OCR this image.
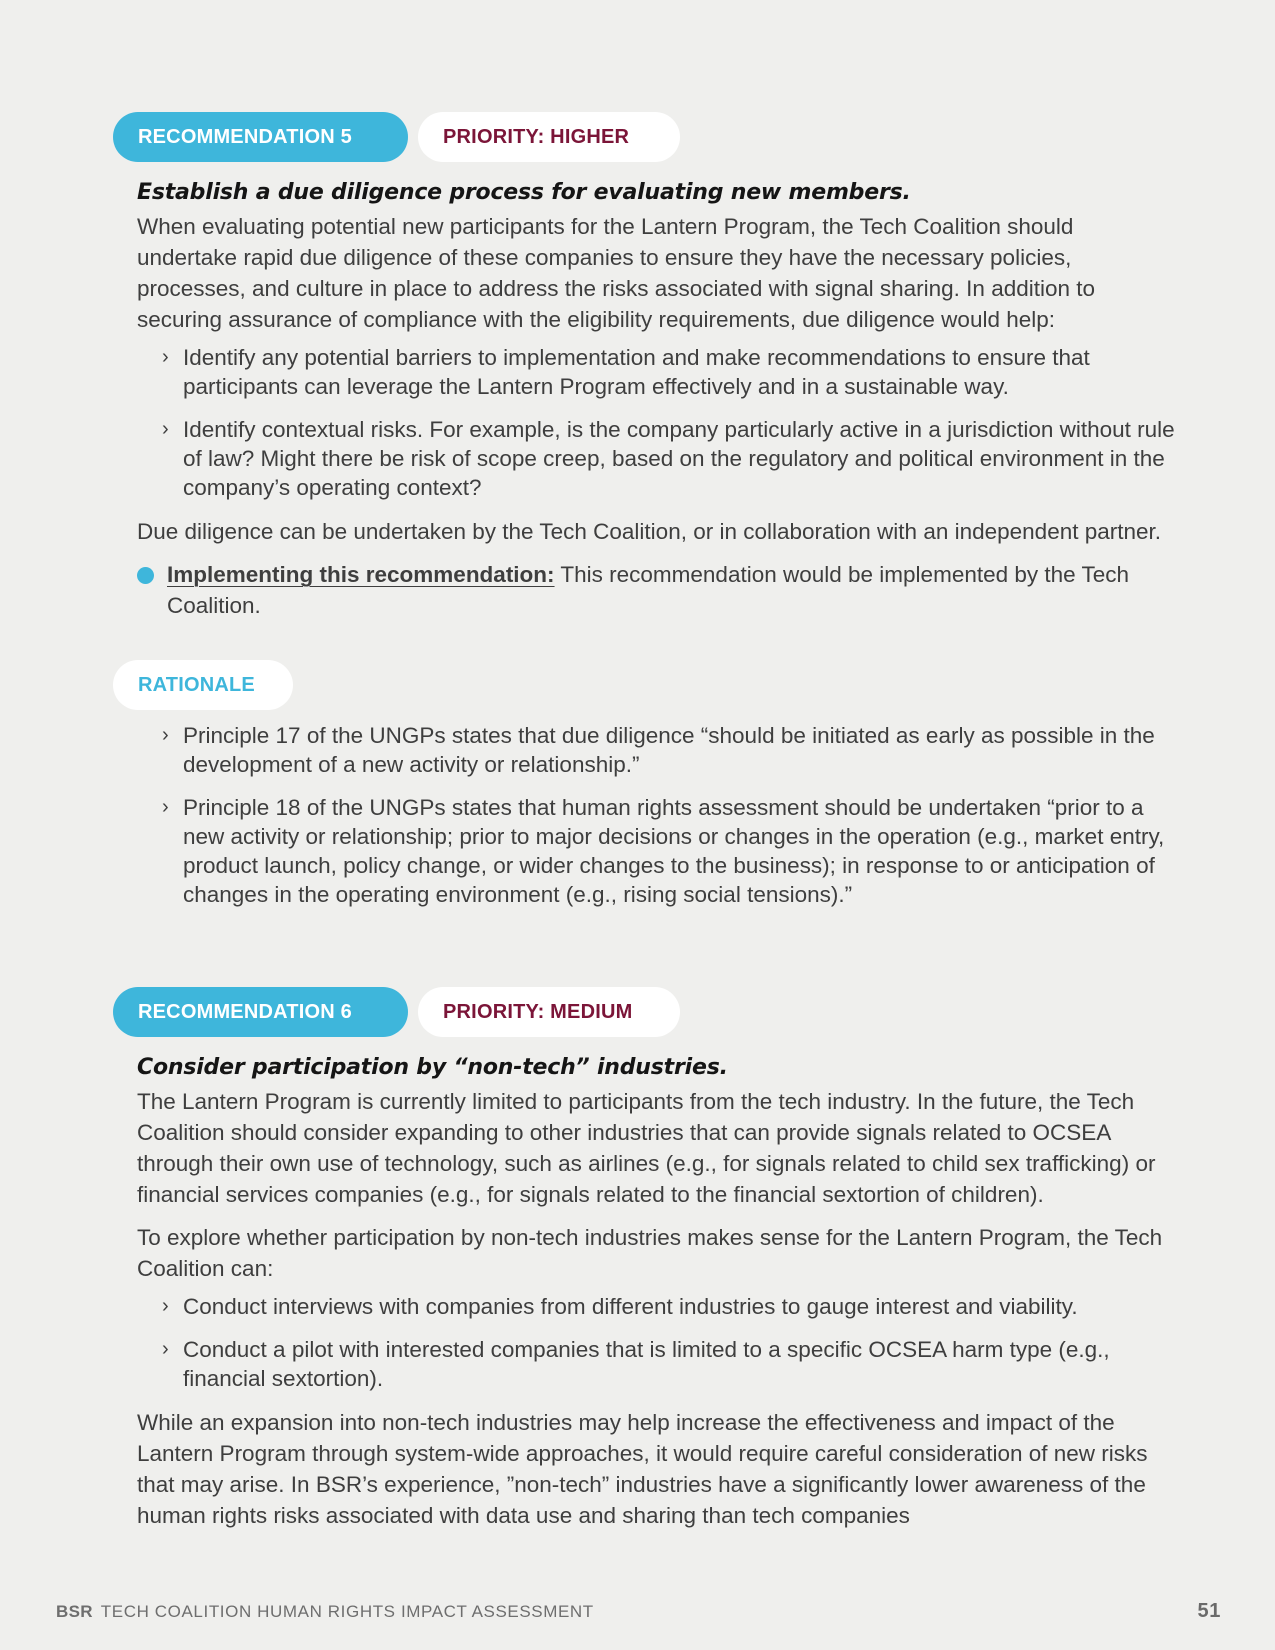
RECOMMENDATION 5	PRIORITY: HIGHER

Establish a due diligence process for evaluating new members.

When evaluating potential new participants for the Lantern Program, the Tech Coalition should undertake rapid due diligence of these companies to ensure they have the necessary policies, processes, and culture in place to address the risks associated with signal sharing. In addition to securing assurance of compliance with the eligibility requirements, due diligence would help:

› Identify any potential barriers to implementation and make recommendations to ensure that participants can leverage the Lantern Program effectively and in a sustainable way.
› Identify contextual risks. For example, is the company particularly active in a jurisdiction without rule of law? Might there be risk of scope creep, based on the regulatory and political environment in the company’s operating context?

Due diligence can be undertaken by the Tech Coalition, or in collaboration with an independent partner.

Implementing this recommendation: This recommendation would be implemented by the Tech Coalition.
RATIONALE
› Principle 17 of the UNGPs states that due diligence “should be initiated as early as possible in the development of a new activity or relationship.”
› Principle 18 of the UNGPs states that human rights assessment should be undertaken “prior to a new activity or relationship; prior to major decisions or changes in the operation (e.g., market entry, product launch, policy change, or wider changes to the business); in response to or anticipation of changes in the operating environment (e.g., rising social tensions).”
RECOMMENDATION 6	PRIORITY: MEDIUM

Consider participation by “non-tech” industries.

The Lantern Program is currently limited to participants from the tech industry. In the future, the Tech Coalition should consider expanding to other industries that can provide signals related to OCSEA through their own use of technology, such as airlines (e.g., for signals related to child sex trafficking) or financial services companies (e.g., for signals related to the financial sextortion of children).

To explore whether participation by non-tech industries makes sense for the Lantern Program, the Tech Coalition can:

› Conduct interviews with companies from different industries to gauge interest and viability.
› Conduct a pilot with interested companies that is limited to a specific OCSEA harm type (e.g., financial sextortion).

While an expansion into non-tech industries may help increase the effectiveness and impact of the Lantern Program through system-wide approaches, it would require careful consideration of new risks that may arise. In BSR’s experience, ”non-tech” industries have a significantly lower awareness of the human rights risks associated with data use and sharing than tech companies

BSR TECH COALITION HUMAN RIGHTS IMPACT ASSESSMENT	51
